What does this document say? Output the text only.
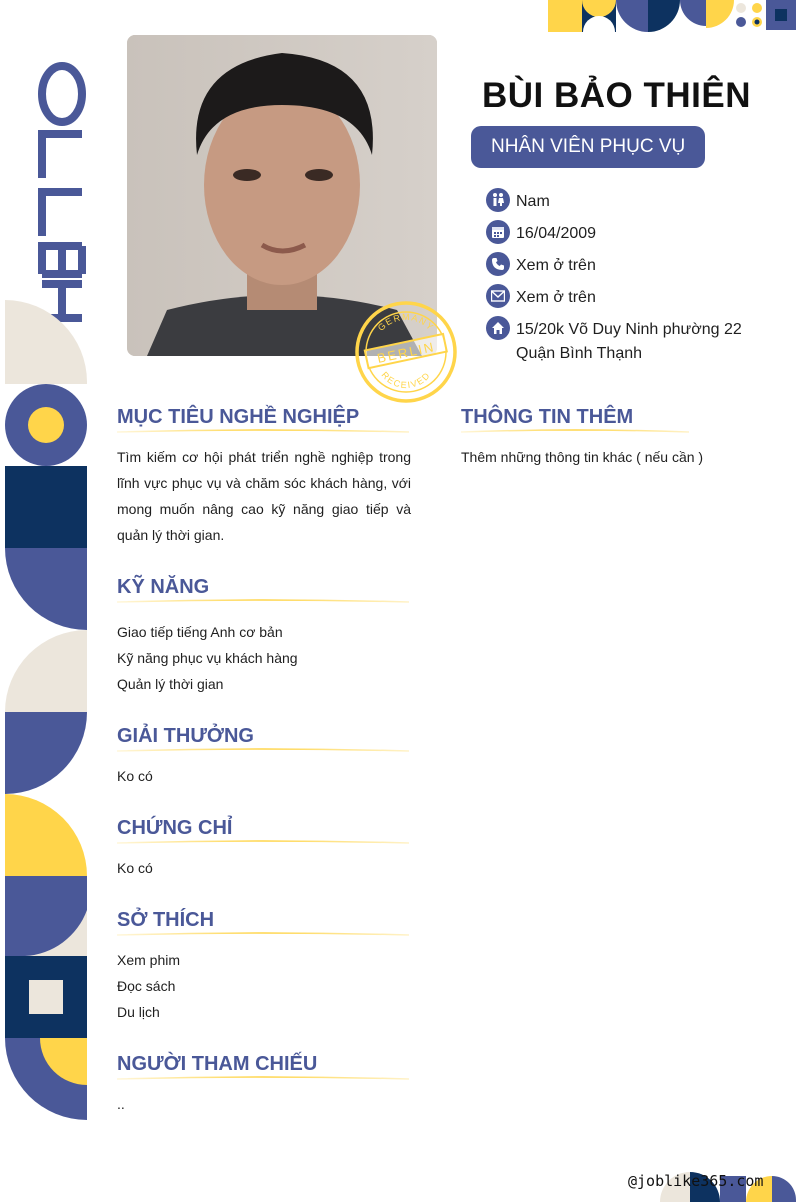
GERMANY
BERLIN
RECEIVED
BÙI BẢO THIÊN
NHÂN VIÊN PHỤC VỤ
Nam
16/04/2009
Xem ở trên
Xem ở trên
15/20k Võ Duy Ninh phường 22
Quận Bình Thạnh
MỤC TIÊU NGHỀ NGHIỆP
Tìm kiếm cơ hội phát triển nghề nghiệp trong lĩnh vực phục vụ và chăm sóc khách hàng, với mong muốn nâng cao kỹ năng giao tiếp và quản lý thời gian.
KỸ NĂNG
Giao tiếp tiếng Anh cơ bản
Kỹ năng phục vụ khách hàng
Quản lý thời gian
GIẢI THƯỞNG
Ko có
CHỨNG CHỈ
Ko có
SỞ THÍCH
Xem phim
Đọc sách
Du lịch
NGƯỜI THAM CHIẾU
..
THÔNG TIN THÊM
Thêm những thông tin khác ( nếu cần )
@joblike365.com
